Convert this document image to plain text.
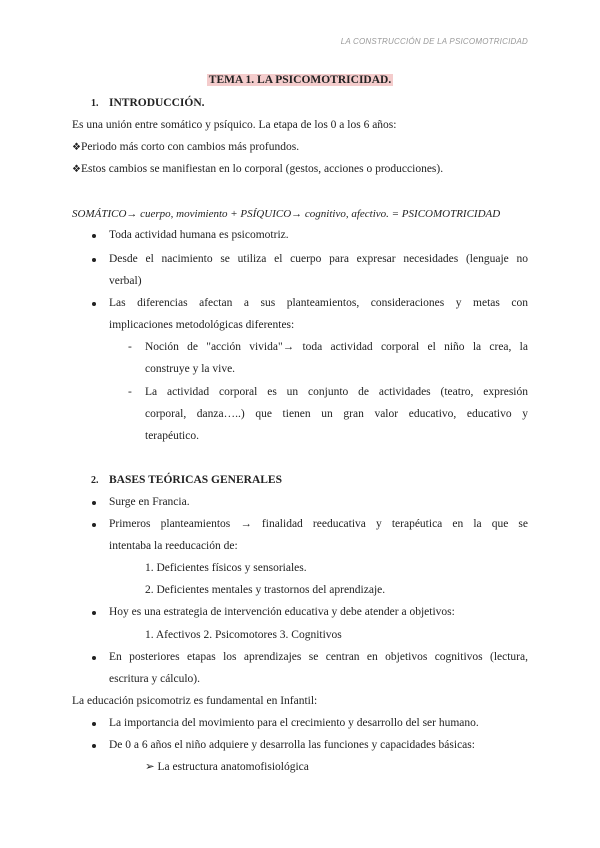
LA CONSTRUCCIÓN DE LA PSICOMOTRICIDAD
TEMA 1. LA PSICOMOTRICIDAD.
1. INTRODUCCIÓN.
Es una unión entre somático y psíquico. La etapa de los 0 a los 6 años:
❖Periodo más corto con cambios más profundos.
❖Estos cambios se manifiestan en lo corporal (gestos, acciones o producciones).
SOMÁTICO→ cuerpo, movimiento + PSÍQUICO→ cognitivo, afectivo. = PSICOMOTRICIDAD
Toda actividad humana es psicomotriz.
Desde el nacimiento se utiliza el cuerpo para expresar necesidades (lenguaje no
verbal)
Las diferencias afectan a sus planteamientos, consideraciones y metas con
implicaciones metodológicas diferentes:
- Noción de "acción vivida"→ toda actividad corporal el niño la crea, la
construye y la vive.
- La actividad corporal es un conjunto de actividades (teatro, expresión
corporal, danza…..) que tienen un gran valor educativo, educativo y
terapéutico.
2. BASES TEÓRICAS GENERALES
Surge en Francia.
Primeros planteamientos → finalidad reeducativa y terapéutica en la que se
intentaba la reeducación de:
1. Deficientes físicos y sensoriales.
2. Deficientes mentales y trastornos del aprendizaje.
Hoy es una estrategia de intervención educativa y debe atender a objetivos:
1. Afectivos 2. Psicomotores 3. Cognitivos
En posteriores etapas los aprendizajes se centran en objetivos cognitivos (lectura,
escritura y cálculo).
La educación psicomotriz es fundamental en Infantil:
La importancia del movimiento para el crecimiento y desarrollo del ser humano.
De 0 a 6 años el niño adquiere y desarrolla las funciones y capacidades básicas:
➢ La estructura anatomofisiológica
